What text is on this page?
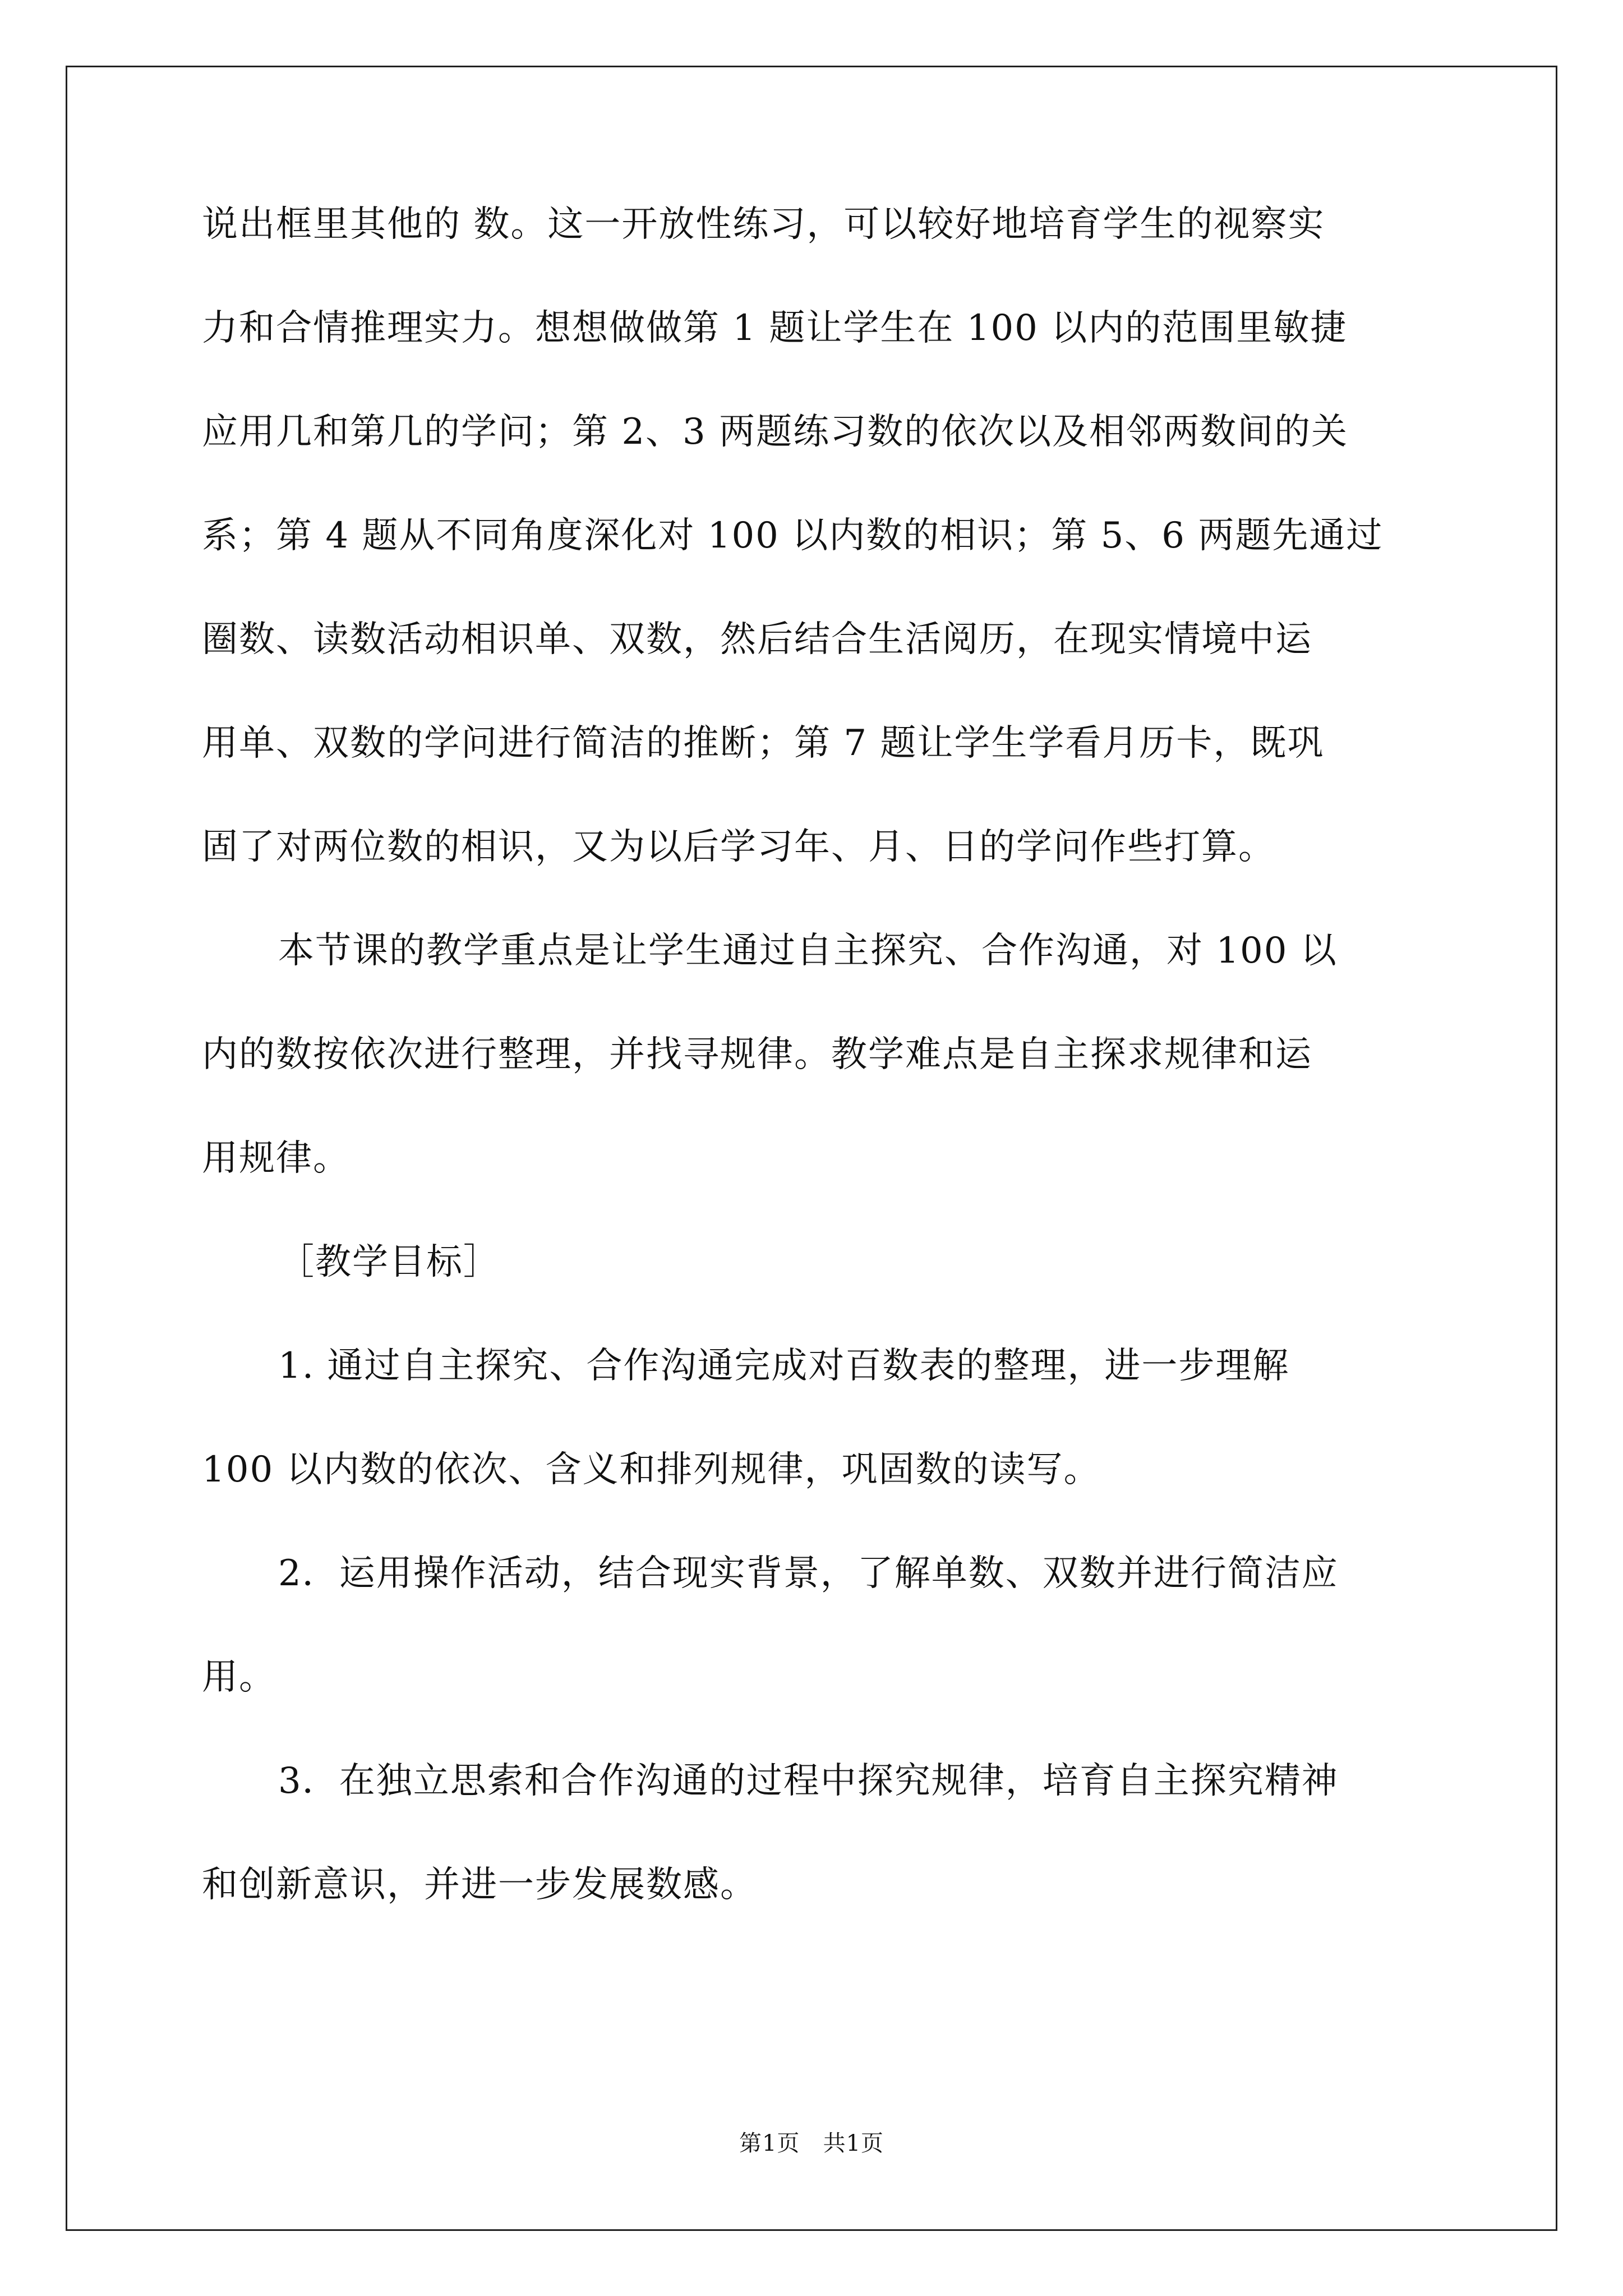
说出框里其他的 数。这一开放性练习，可以较好地培育学生的视察实
力和合情推理实力。想想做做第 1 题让学生在 100 以内的范围里敏捷
应用几和第几的学问；第 2、3 两题练习数的依次以及相邻两数间的关
系；第 4 题从不同角度深化对 100 以内数的相识；第 5、6 两题先通过
圈数、读数活动相识单、双数，然后结合生活阅历，在现实情境中运
用单、双数的学问进行简洁的推断；第 7 题让学生学看月历卡，既巩
固了对两位数的相识，又为以后学习年、月、日的学问作些打算。
本节课的教学重点是让学生通过自主探究、合作沟通，对 100 以
内的数按依次进行整理，并找寻规律。教学难点是自主探求规律和运
用规律。
［教学目标］
1. 通过自主探究、合作沟通完成对百数表的整理，进一步理解
100 以内数的依次、含义和排列规律，巩固数的读写。
2．运用操作活动，结合现实背景，了解单数、双数并进行简洁应
用。
3．在独立思索和合作沟通的过程中探究规律，培育自主探究精神
和创新意识，并进一步发展数感。
第1页 共1页
